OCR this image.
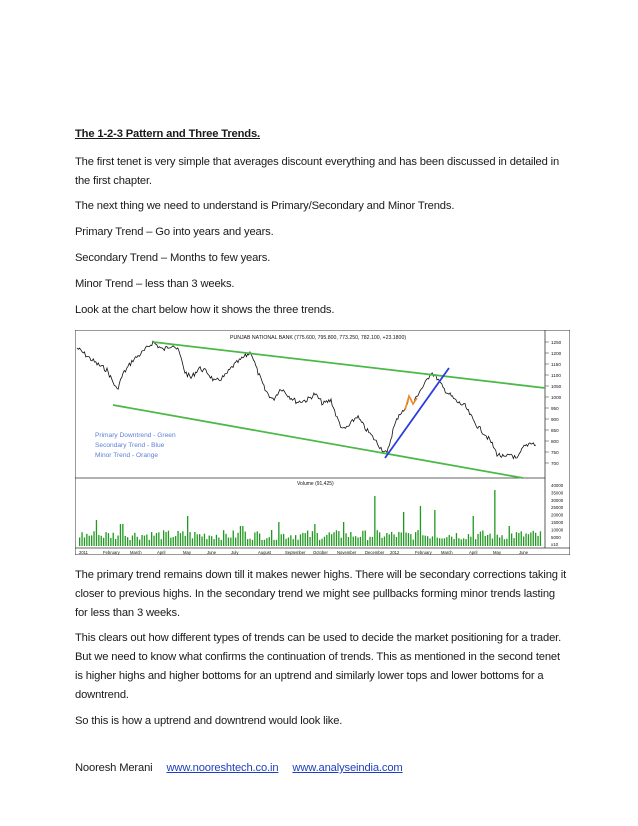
The 1-2-3 Pattern and Three Trends.
The first tenet is very simple that averages discount everything and has been discussed in detailed in the first chapter.
The next thing we need to understand is Primary/Secondary and Minor Trends.
Primary Trend – Go into years and years.
Secondary Trend – Months to few years.
Minor Trend – less than 3 weeks.
Look at the chart below how it shows the three trends.
PUNJAB NATIONAL BANK (775.600, 795.800, 773.250, 782.100, +23.1800)
Volume (91,425)
Primary Downtrend - Green
Secondary Trend - Blue
Minor Trend - Orange
1250
1200
1150
1100
1050
1000
950
900
850
800
750
700
40000
35000
30000
25000
20000
15000
10000
5000
x10
2011	February March	April	May	June	July	August	September October November December 2012	February March	April	May	June
The primary trend remains down till it makes newer highs. There will be secondary corrections taking it closer to previous highs. In the secondary trend we might see pullbacks forming minor trends lasting for less than 3 weeks.
This clears out how different types of trends can be used to decide the market positioning for a trader. But we need to know what confirms the continuation of trends. This as mentioned in the second tenet is higher highs and higher bottoms for an uptrend and similarly lower tops and lower bottoms for a downtrend.
So this is how a uptrend and downtrend would look like.
Nooresh Merani www.nooreshtech.co.in www.analyseindia.com
